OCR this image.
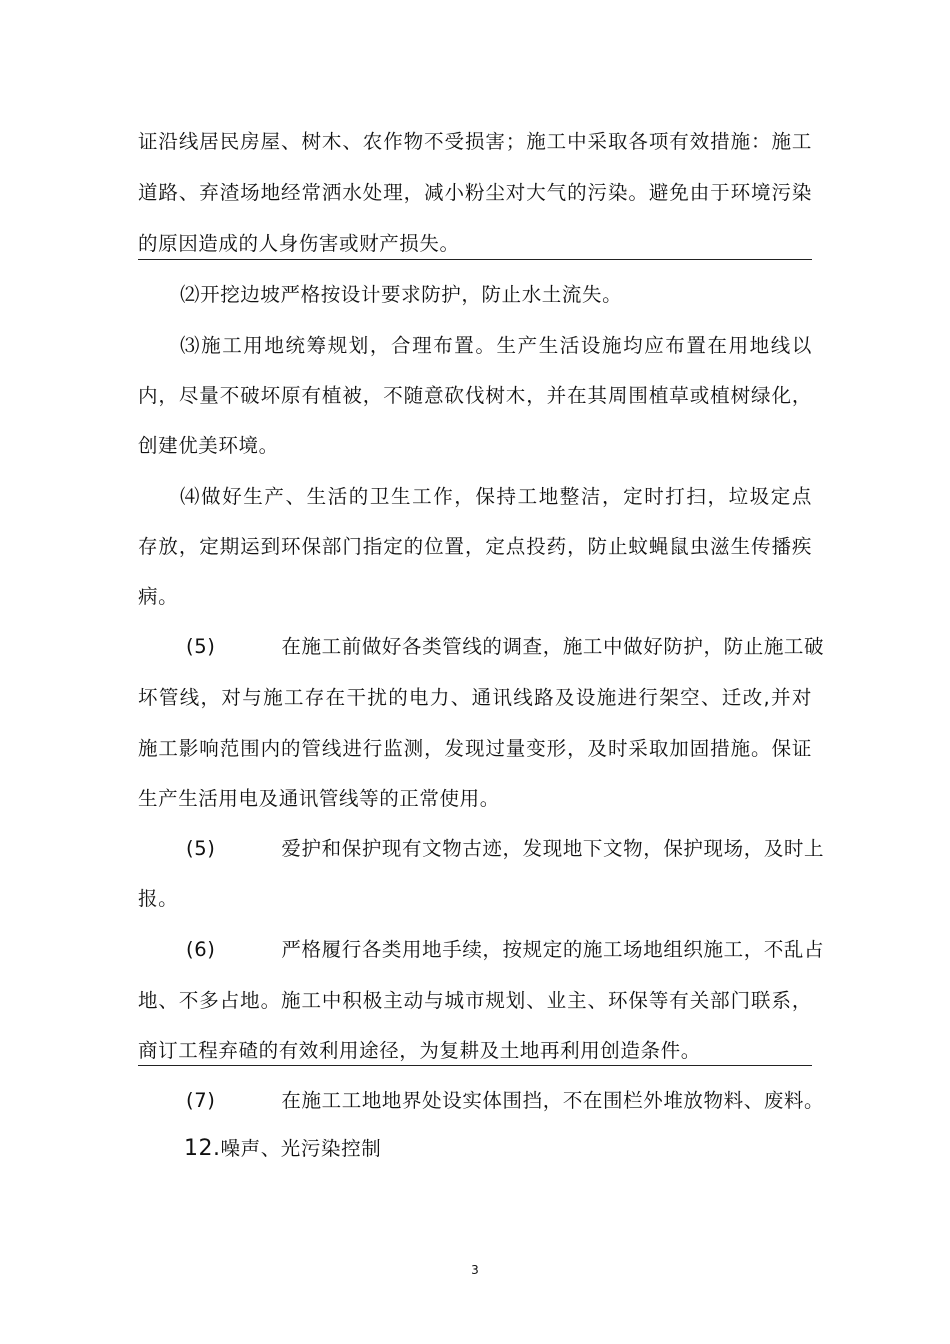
证沿线居民房屋、树木、农作物不受损害；施工中采取各项有效措施：施工
道路、弃渣场地经常洒水处理，减小粉尘对大气的污染。避免由于环境污染
的原因造成的人身伤害或财产损失。
⑵开挖边坡严格按设计要求防护，防止水土流失。
⑶施工用地统筹规划，合理布置。生产生活设施均应布置在用地线以
内，尽量不破坏原有植被，不随意砍伐树木，并在其周围植草或植树绿化，
创建优美环境。
⑷做好生产、生活的卫生工作，保持工地整洁，定时打扫，垃圾定点
存放，定期运到环保部门指定的位置，定点投药，防止蚊蝇鼠虫滋生传播疾
病。
(5)	在施工前做好各类管线的调查，施工中做好防护，防止施工破
坏管线，对与施工存在干扰的电力、通讯线路及设施进行架空、迁改,并对
施工影响范围内的管线进行监测，发现过量变形，及时采取加固措施。保证
生产生活用电及通讯管线等的正常使用。
(5)	爱护和保护现有文物古迹，发现地下文物，保护现场，及时上
报。
(6)	严格履行各类用地手续，按规定的施工场地组织施工，不乱占
地、不多占地。施工中积极主动与城市规划、业主、环保等有关部门联系，
商订工程弃碴的有效利用途径，为复耕及土地再利用创造条件。
(7)	在施工工地地界处设实体围挡，不在围栏外堆放物料、废料。
12.噪声、光污染控制
3
